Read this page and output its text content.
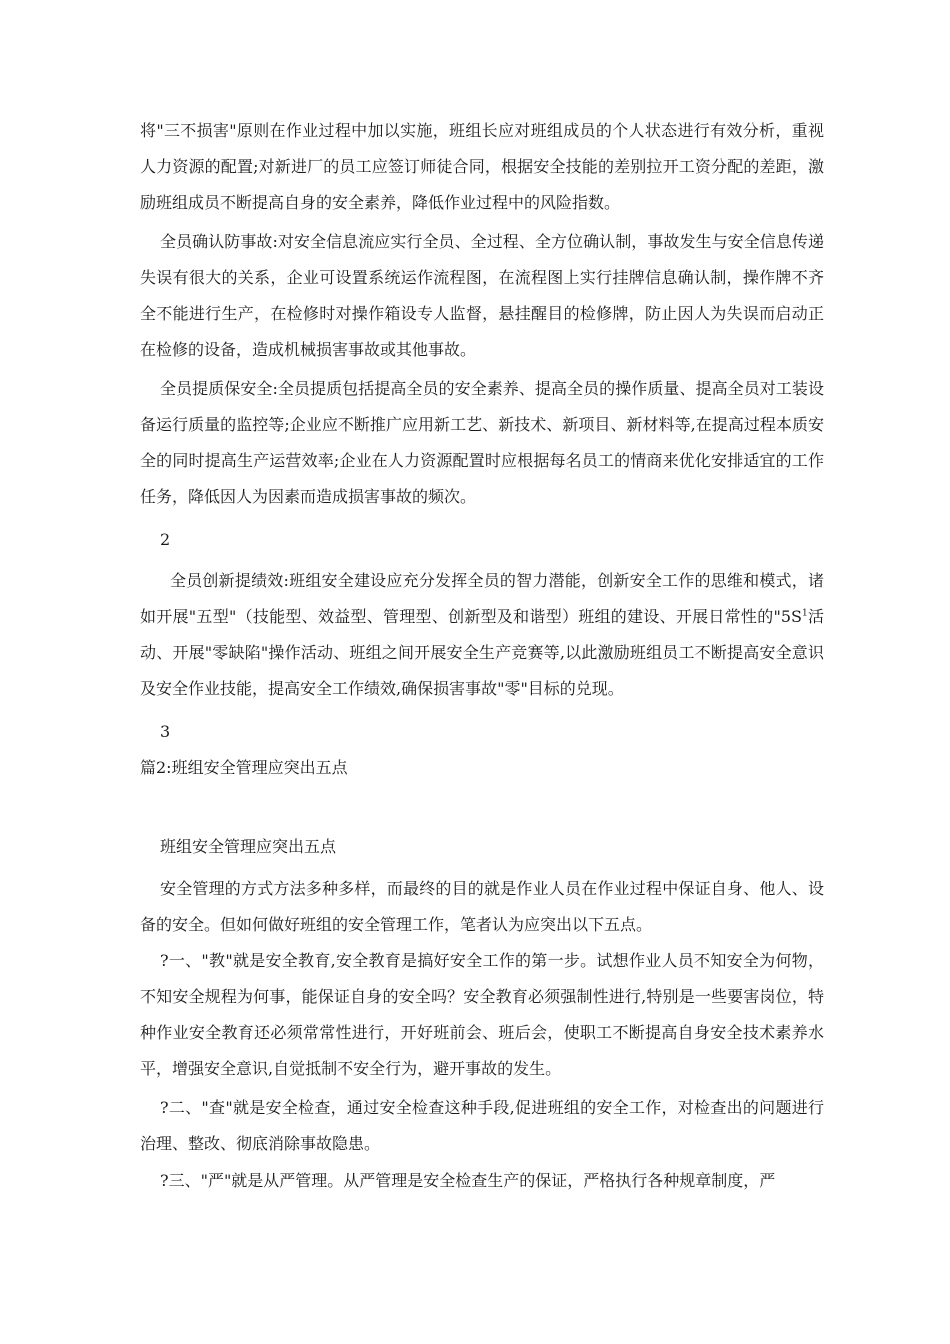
将"三不损害"原则在作业过程中加以实施，班组长应对班组成员的个人状态进行有效分析，重视人力资源的配置;对新进厂的员工应签订师徒合同，根据安全技能的差别拉开工资分配的差距，激励班组成员不断提高自身的安全素养，降低作业过程中的风险指数。

全员确认防事故:对安全信息流应实行全员、全过程、全方位确认制，事故发生与安全信息传递失误有很大的关系，企业可设置系统运作流程图，在流程图上实行挂牌信息确认制，操作牌不齐全不能进行生产，在检修时对操作箱设专人监督，悬挂醒目的检修牌，防止因人为失误而启动正在检修的设备，造成机械损害事故或其他事故。

全员提质保安全:全员提质包括提高全员的安全素养、提高全员的操作质量、提高全员对工装设备运行质量的监控等;企业应不断推广应用新工艺、新技术、新项目、新材料等,在提高过程本质安全的同时提高生产运营效率;企业在人力资源配置时应根据每名员工的情商来优化安排适宜的工作任务，降低因人为因素而造成损害事故的频次。

2

全员创新提绩效:班组安全建设应充分发挥全员的智力潜能，创新安全工作的思维和模式，诸如开展"五型"（技能型、效益型、管理型、创新型及和谐型）班组的建设、开展日常性的"$5S^1$活动、开展"零缺陷"操作活动、班组之间开展安全生产竞赛等,以此激励班组员工不断提高安全意识及安全作业技能，提高安全工作绩效,确保损害事故"零"目标的兑现。

3
篇2:班组安全管理应突出五点
班组安全管理应突出五点

安全管理的方式方法多种多样，而最终的目的就是作业人员在作业过程中保证自身、他人、设备的安全。但如何做好班组的安全管理工作，笔者认为应突出以下五点。

?一、"教"就是安全教育,安全教育是搞好安全工作的第一步。试想作业人员不知安全为何物，不知安全规程为何事，能保证自身的安全吗？安全教育必须强制性进行,特别是一些要害岗位，特种作业安全教育还必须常常性进行，开好班前会、班后会，使职工不断提高自身安全技术素养水平，增强安全意识,自觉抵制不安全行为，避开事故的发生。

?二、"查"就是安全检查，通过安全检查这种手段,促进班组的安全工作，对检查出的问题进行治理、整改、彻底消除事故隐患。

?三、"严"就是从严管理。从严管理是安全检查生产的保证，严格执行各种规章制度，严
